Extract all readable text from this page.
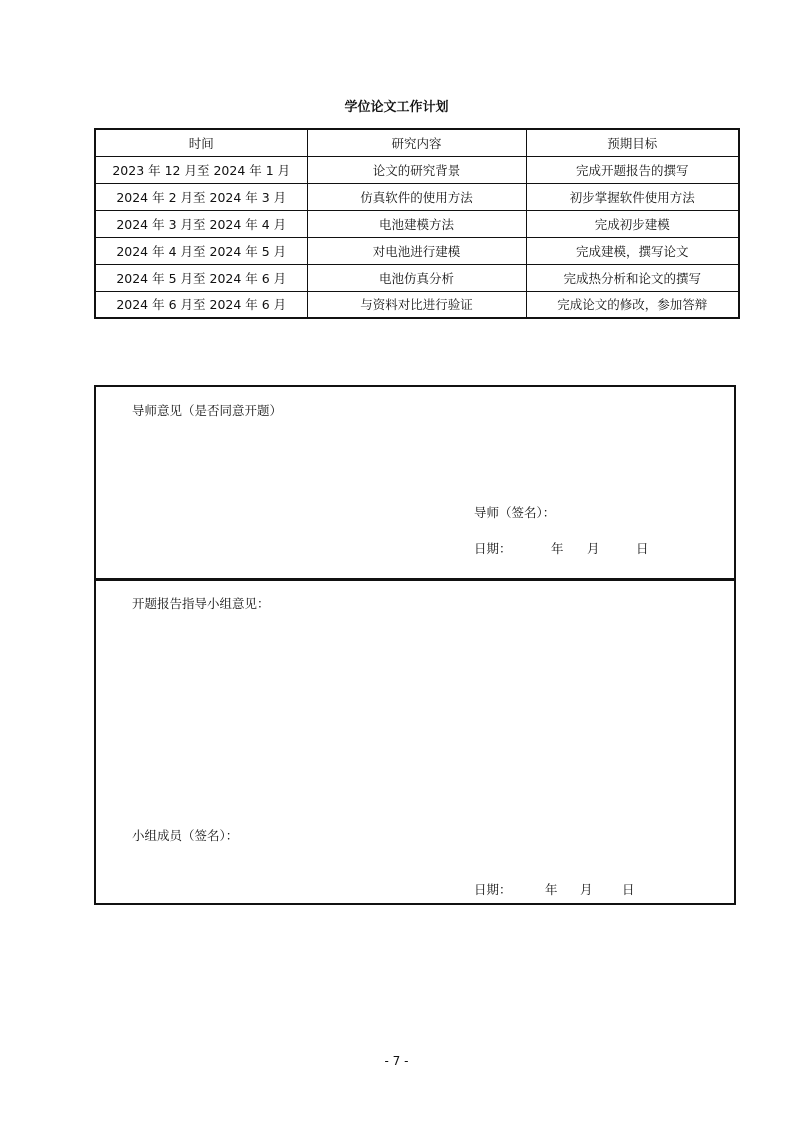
学位论文工作计划
时间	研究内容	预期目标
2023 年 12 月至 2024 年 1 月	论文的研究背景	完成开题报告的撰写
2024 年 2 月至 2024 年 3 月	仿真软件的使用方法	初步掌握软件使用方法
2024 年 3 月至 2024 年 4 月	电池建模方法	完成初步建模
2024 年 4 月至 2024 年 5 月	对电池进行建模	完成建模，撰写论文
2024 年 5 月至 2024 年 6 月	电池仿真分析	完成热分析和论文的撰写
2024 年 6 月至 2024 年 6 月	与资料对比进行验证	完成论文的修改，参加答辩
导师意见（是否同意开题）
导师（签名）：
日期：	年 月	日
开题报告指导小组意见：
小组成员（签名）：
日期：	年 月 日
- 7 -
